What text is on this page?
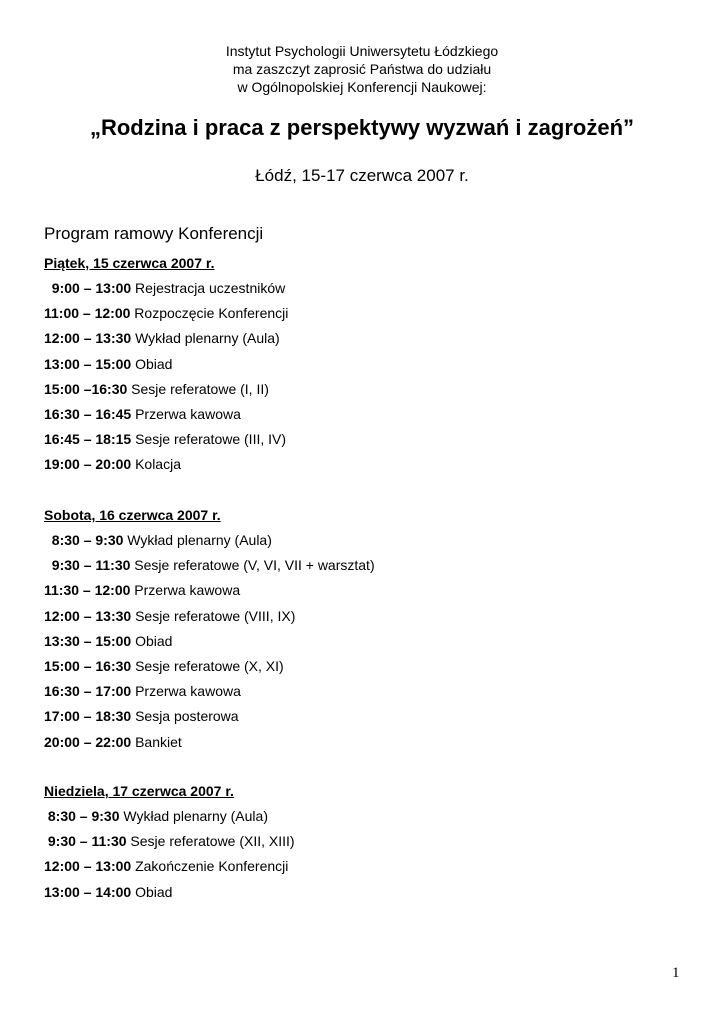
Instytut Psychologii Uniwersytetu Łódzkiego
ma zaszczyt zaprosić Państwa do udziału
w Ogólnopolskiej Konferencji Naukowej:
„Rodzina i praca z perspektywy wyzwań i zagrożeń”
Łódź, 15-17 czerwca 2007 r.
Program ramowy Konferencji
Piątek, 15 czerwca 2007 r.
9:00 – 13:00 Rejestracja uczestników
11:00 – 12:00 Rozpoczęcie Konferencji
12:00 – 13:30 Wykład plenarny (Aula)
13:00 – 15:00 Obiad
15:00 –16:30 Sesje referatowe (I, II)
16:30 – 16:45 Przerwa kawowa
16:45 – 18:15 Sesje referatowe (III, IV)
19:00 – 20:00 Kolacja
Sobota, 16 czerwca 2007 r.
8:30 – 9:30 Wykład plenarny (Aula)
9:30 – 11:30 Sesje referatowe (V, VI, VII + warsztat)
11:30 – 12:00 Przerwa kawowa
12:00 – 13:30 Sesje referatowe (VIII, IX)
13:30 – 15:00 Obiad
15:00 – 16:30 Sesje referatowe (X, XI)
16:30 – 17:00 Przerwa kawowa
17:00 – 18:30 Sesja posterowa
20:00 – 22:00 Bankiet
Niedziela, 17 czerwca 2007 r.
8:30 – 9:30 Wykład plenarny (Aula)
9:30 – 11:30 Sesje referatowe (XII, XIII)
12:00 – 13:00 Zakończenie Konferencji
13:00 – 14:00 Obiad
1
